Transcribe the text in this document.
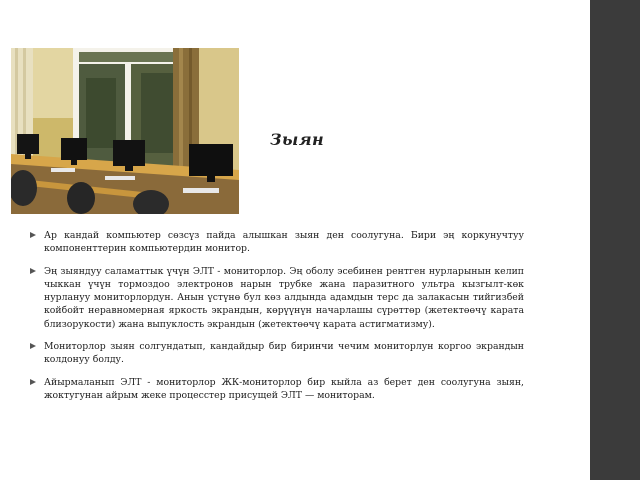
Зыян
Ар кандай компьютер сөзсүз пайда алышкан зыян ден соолугуна. Бири эң коркунучтуу компоненттерин компьютердин монитор.
Эң зыяндуу саламаттык үчүн ЭЛТ - мониторлор. Эң оболу эсебинен рентген нурларынын келип чыккан үчүн тормоздоо электронов нарын трубке жана паразитного ультра кызгылт-көк нурлануу мониторлордун. Анын үстүнө бул көз алдында адамдын терс да залакасын тийгизбей койбойт неравномерная яркость экрандын, көрүүнүн начарлашы сүрөттөр (жетектөөчү карата близорукости) жана выпуклость экрандын (жетектөөчү карата астигматизму).
Мониторлор зыян солгундатып, кандайдыр бир биринчи чечим мониторлун коргоо экрандын колдонуу болду.
Айырмаланып ЭЛТ - мониторлор ЖК-мониторлор бир кыйла аз берет ден соолугуна зыян, жоктугунан айрым жеке процесстер присущей ЭЛТ — мониторам.
